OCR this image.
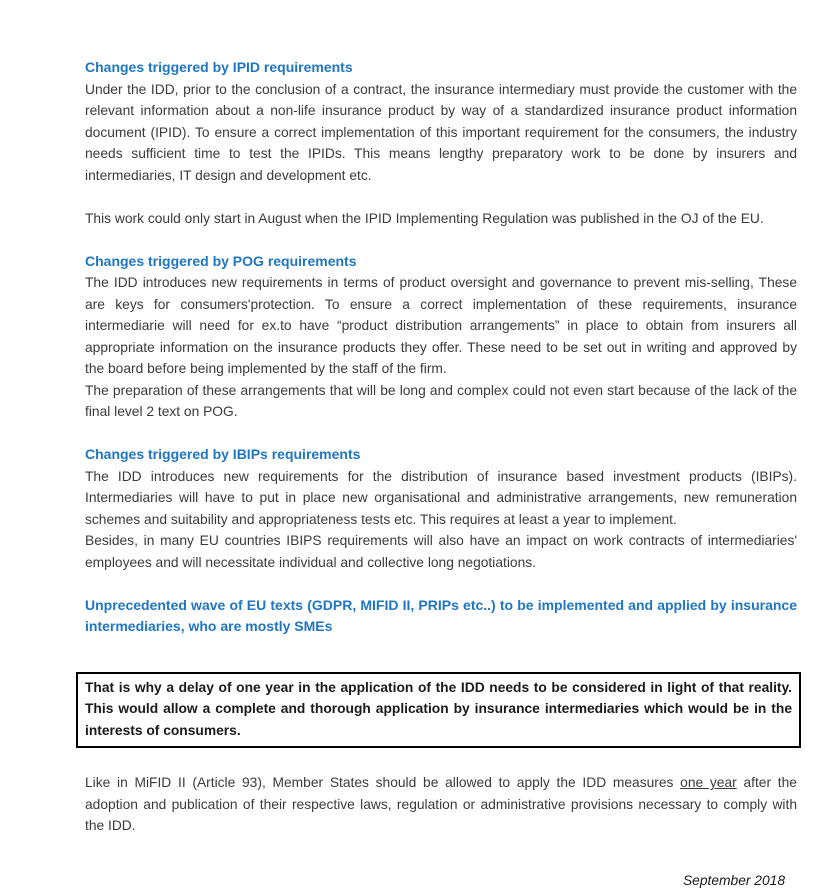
Changes triggered by IPID requirements

Under the IDD, prior to the conclusion of a contract, the insurance intermediary must provide the customer with the relevant information about a non-life insurance product by way of a standardized insurance product information document (IPID). To ensure a correct implementation of this important requirement for the consumers, the industry needs sufficient time to test the IPIDs. This means lengthy preparatory work to be done by insurers and intermediaries, IT design and development etc.

This work could only start in August when the IPID Implementing Regulation was published in the OJ of the EU.

Changes triggered by POG requirements

The IDD introduces new requirements in terms of product oversight and governance to prevent mis-selling, These are keys for consumers'protection. To ensure a correct implementation of these requirements, insurance intermediarie will need for ex.to have “product distribution arrangements” in place to obtain from insurers all appropriate information on the insurance products they offer. These need to be set out in writing and approved by the board before being implemented by the staff of the firm.

The preparation of these arrangements that will be long and complex could not even start because of the lack of the final level 2 text on POG.

Changes triggered by IBIPs requirements

The IDD introduces new requirements for the distribution of insurance based investment products (IBIPs). Intermediaries will have to put in place new organisational and administrative arrangements, new remuneration schemes and suitability and appropriateness tests etc. This requires at least a year to implement.

Besides, in many EU countries IBIPS requirements will also have an impact on work contracts of intermediaries' employees and will necessitate individual and collective long negotiations.

Unprecedented wave of EU texts (GDPR, MIFID II, PRIPs etc..) to be implemented and applied by insurance intermediaries, who are mostly SMEs

That is why a delay of one year in the application of the IDD needs to be considered in light of that reality. This would allow a complete and thorough application by insurance intermediaries which would be in the interests of consumers.

Like in MiFID II (Article 93), Member States should be allowed to apply the IDD measures one year after the adoption and publication of their respective laws, regulation or administrative provisions necessary to comply with the IDD.

September 2018
